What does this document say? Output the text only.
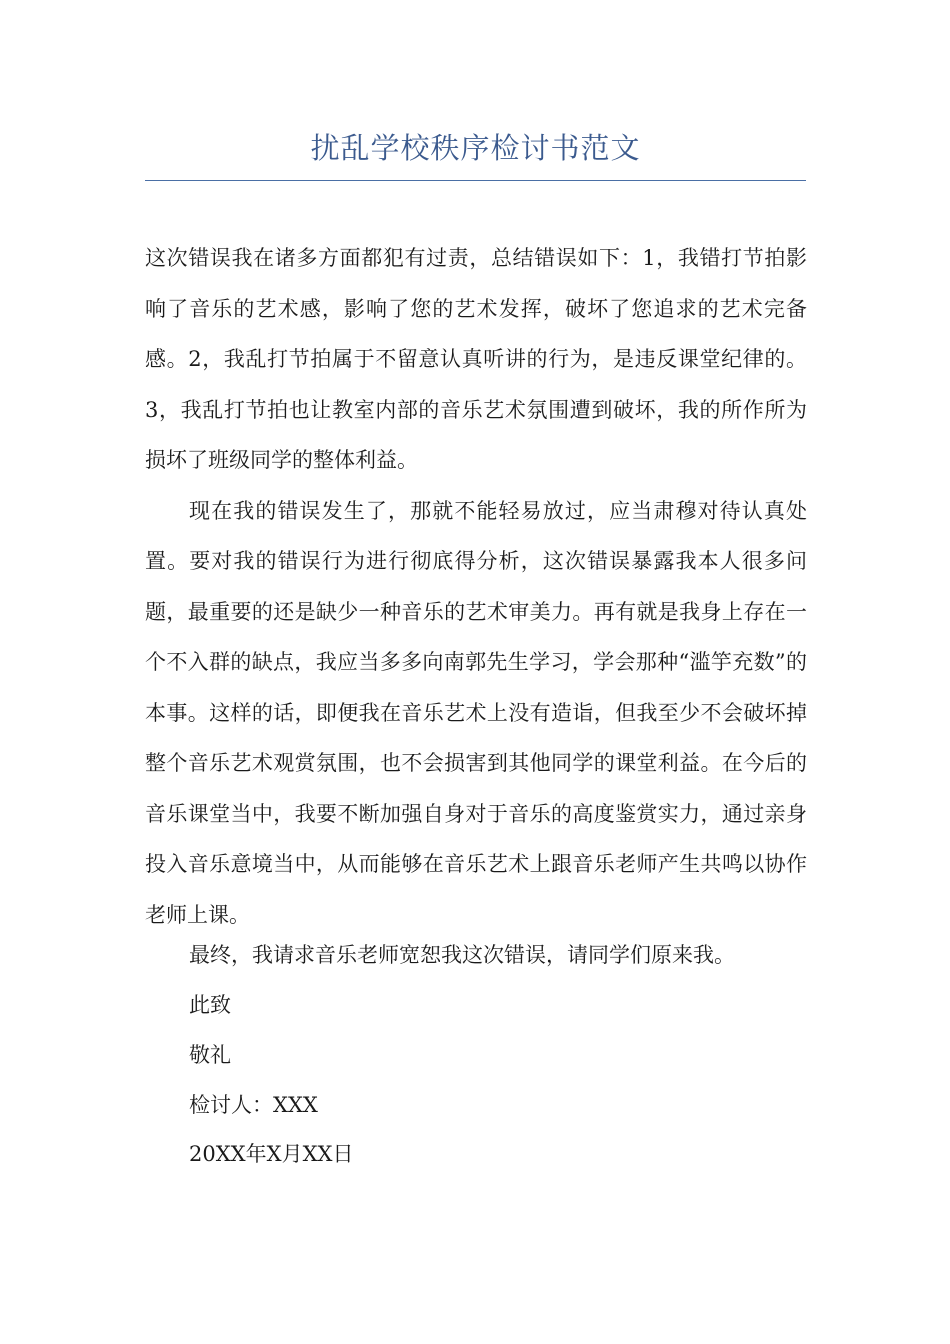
扰乱学校秩序检讨书范文

这次错误我在诸多方面都犯有过责，总结错误如下：1，我错打节拍影响了音乐的艺术感，影响了您的艺术发挥，破坏了您追求的艺术完备感。2，我乱打节拍属于不留意认真听讲的行为，是违反课堂纪律的。3，我乱打节拍也让教室内部的音乐艺术氛围遭到破坏，我的所作所为损坏了班级同学的整体利益。

现在我的错误发生了，那就不能轻易放过，应当肃穆对待认真处置。要对我的错误行为进行彻底得分析，这次错误暴露我本人很多问题，最重要的还是缺少一种音乐的艺术审美力。再有就是我身上存在一个不入群的缺点，我应当多多向南郭先生学习，学会那种“滥竽充数”的本事。这样的话，即便我在音乐艺术上没有造诣，但我至少不会破坏掉整个音乐艺术观赏氛围，也不会损害到其他同学的课堂利益。在今后的音乐课堂当中，我要不断加强自身对于音乐的高度鉴赏实力，通过亲身投入音乐意境当中，从而能够在音乐艺术上跟音乐老师产生共鸣以协作老师上课。

最终，我请求音乐老师宽恕我这次错误，请同学们原来我。
此致
敬礼
检讨人：XXX
20XX年X月XX日
